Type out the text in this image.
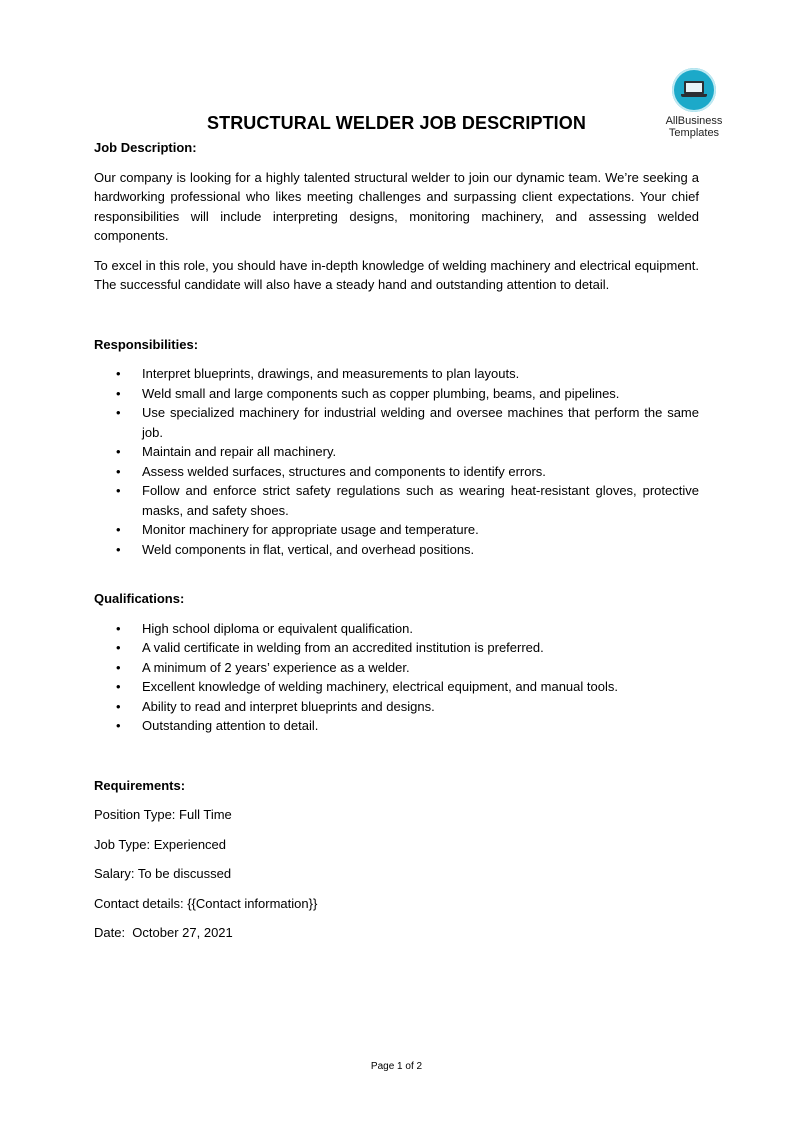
AllBusiness
Templates
STRUCTURAL WELDER JOB DESCRIPTION

Job Description:

Our company is looking for a highly talented structural welder to join our dynamic team. We’re seeking a hardworking professional who likes meeting challenges and surpassing client expectations. Your chief responsibilities will include interpreting designs, monitoring machinery, and assessing welded components.

To excel in this role, you should have in-depth knowledge of welding machinery and electrical equipment. The successful candidate will also have a steady hand and outstanding attention to detail.

Responsibilities:

• Interpret blueprints, drawings, and measurements to plan layouts.
• Weld small and large components such as copper plumbing, beams, and pipelines.
• Use specialized machinery for industrial welding and oversee machines that perform the same job.
• Maintain and repair all machinery.
• Assess welded surfaces, structures and components to identify errors.
• Follow and enforce strict safety regulations such as wearing heat-resistant gloves, protective masks, and safety shoes.
• Monitor machinery for appropriate usage and temperature.
• Weld components in flat, vertical, and overhead positions.

Qualifications:

• High school diploma or equivalent qualification.
• A valid certificate in welding from an accredited institution is preferred.
• A minimum of 2 years’ experience as a welder.
• Excellent knowledge of welding machinery, electrical equipment, and manual tools.
• Ability to read and interpret blueprints and designs.
• Outstanding attention to detail.

Requirements:

Position Type: Full Time

Job Type: Experienced

Salary: To be discussed

Contact details: {{Contact information}}

Date:  October 27, 2021

Page 1 of 2
